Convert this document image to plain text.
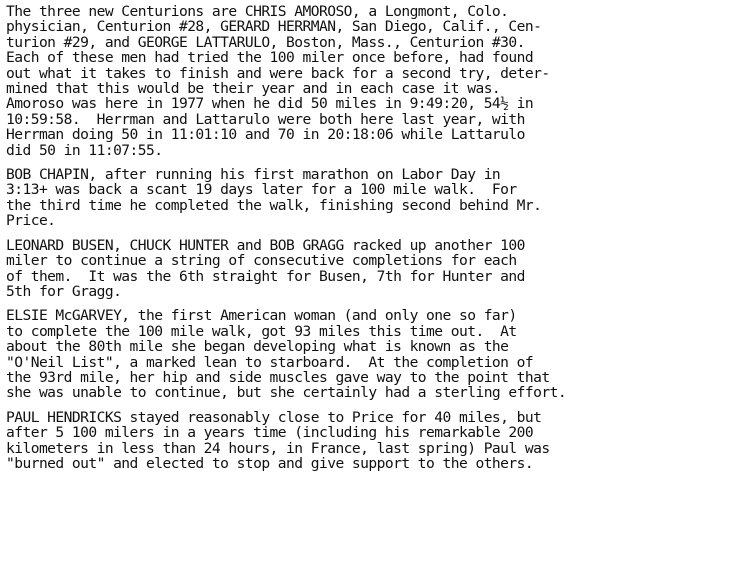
The three new Centurions are CHRIS AMOROSO, a Longmont, Colo.
physician, Centurion #28, GERARD HERRMAN, San Diego, Calif., Cen-
turion #29, and GEORGE LATTARULO, Boston, Mass., Centurion #30.
Each of these men had tried the 100 miler once before, had found
out what it takes to finish and were back for a second try, deter-
mined that this would be their year and in each case it was.
Amoroso was here in 1977 when he did 50 miles in 9:49:20, 54½ in
10:59:58.  Herrman and Lattarulo were both here last year, with
Herrman doing 50 in 11:01:10 and 70 in 20:18:06 while Lattarulo
did 50 in 11:07:55.
BOB CHAPIN, after running his first marathon on Labor Day in
3:13+ was back a scant 19 days later for a 100 mile walk.  For
the third time he completed the walk, finishing second behind Mr.
Price.
LEONARD BUSEN, CHUCK HUNTER and BOB GRAGG racked up another 100
miler to continue a string of consecutive completions for each
of them.  It was the 6th straight for Busen, 7th for Hunter and
5th for Gragg.
ELSIE McGARVEY, the first American woman (and only one so far)
to complete the 100 mile walk, got 93 miles this time out.  At
about the 80th mile she began developing what is known as the
"O'Neil List", a marked lean to starboard.  At the completion of
the 93rd mile, her hip and side muscles gave way to the point that
she was unable to continue, but she certainly had a sterling effort.
PAUL HENDRICKS stayed reasonably close to Price for 40 miles, but
after 5 100 milers in a years time (including his remarkable 200
kilometers in less than 24 hours, in France, last spring) Paul was
"burned out" and elected to stop and give support to the others.
